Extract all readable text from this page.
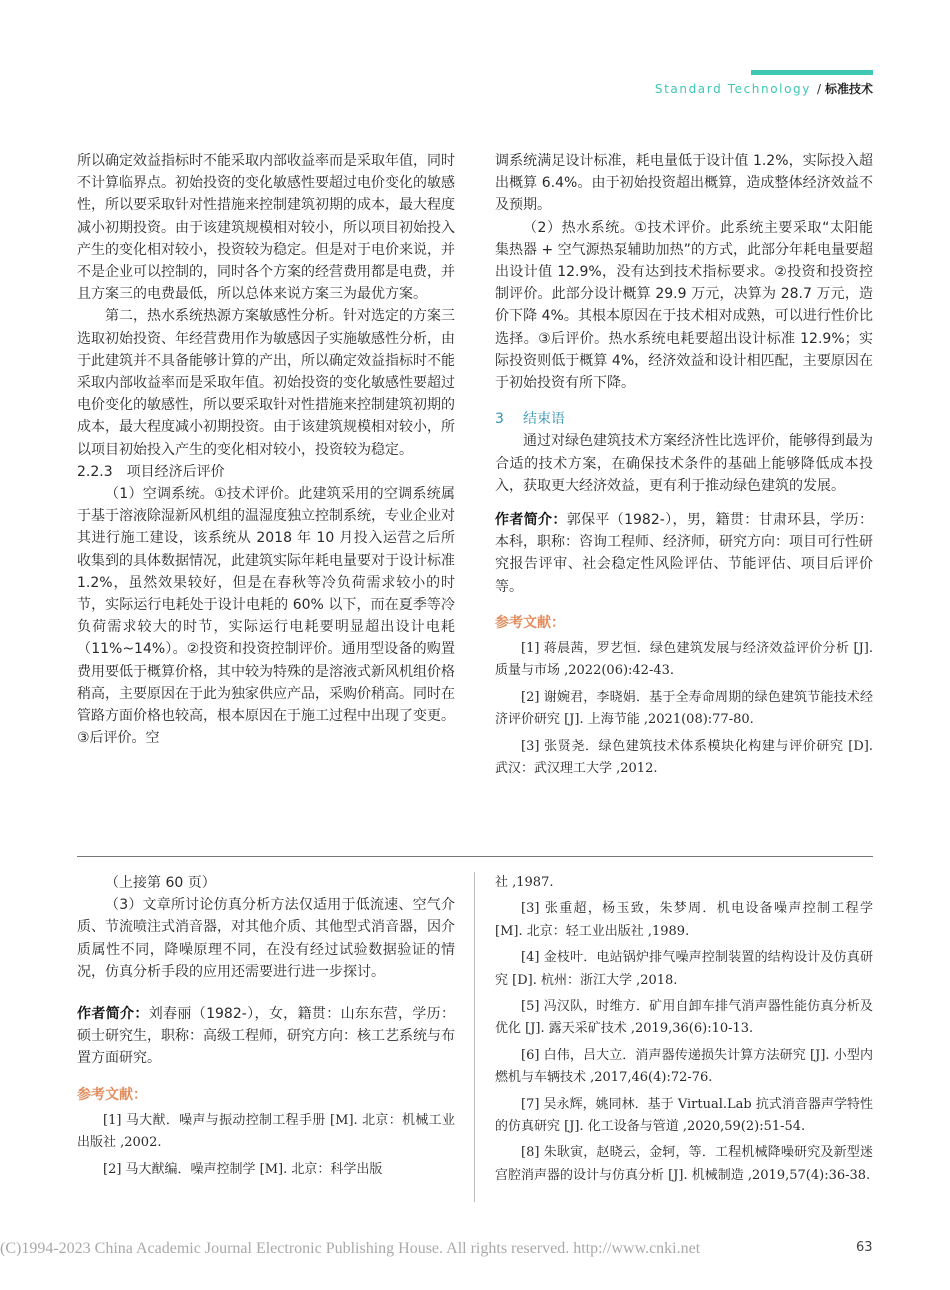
Standard Technology / 标准技术

所以确定效益指标时不能采取内部收益率而是采取年值，同时不计算临界点。初始投资的变化敏感性要超过电价变化的敏感性，所以要采取针对性措施来控制建筑初期的成本，最大程度减小初期投资。由于该建筑规模相对较小，所以项目初始投入产生的变化相对较小，投资较为稳定。但是对于电价来说，并不是企业可以控制的，同时各个方案的经营费用都是电费，并且方案三的电费最低，所以总体来说方案三为最优方案。

第二，热水系统热源方案敏感性分析。针对选定的方案三选取初始投资、年经营费用作为敏感因子实施敏感性分析，由于此建筑并不具备能够计算的产出，所以确定效益指标时不能采取内部收益率而是采取年值。初始投资的变化敏感性要超过电价变化的敏感性，所以要采取针对性措施来控制建筑初期的成本，最大程度减小初期投资。由于该建筑规模相对较小，所以项目初始投入产生的变化相对较小，投资较为稳定。

2.2.3　项目经济后评价

（1）空调系统。①技术评价。此建筑采用的空调系统属于基于溶液除湿新风机组的温湿度独立控制系统，专业企业对其进行施工建设，该系统从 2018 年 10 月投入运营之后所收集到的具体数据情况，此建筑实际年耗电量要对于设计标准 1.2%，虽然效果较好，但是在春秋等冷负荷需求较小的时节，实际运行电耗处于设计电耗的 60% 以下，而在夏季等冷负荷需求较大的时节，实际运行电耗要明显超出设计电耗（11%~14%）。②投资和投资控制评价。通用型设备的购置费用要低于概算价格，其中较为特殊的是溶液式新风机组价格稍高，主要原因在于此为独家供应产品，采购价稍高。同时在管路方面价格也较高，根本原因在于施工过程中出现了变更。③后评价。空

调系统满足设计标准，耗电量低于设计值 1.2%，实际投入超出概算 6.4%。由于初始投资超出概算，造成整体经济效益不及预期。

（2）热水系统。①技术评价。此系统主要采取“太阳能集热器 + 空气源热泵辅助加热”的方式，此部分年耗电量要超出设计值 12.9%，没有达到技术指标要求。②投资和投资控制评价。此部分设计概算 29.9 万元，决算为 28.7 万元，造价下降 4%。其根本原因在于技术相对成熟，可以进行性价比选择。③后评价。热水系统电耗要超出设计标准 12.9%；实际投资则低于概算 4%，经济效益和设计相匹配，主要原因在于初始投资有所下降。

3 结束语

通过对绿色建筑技术方案经济性比选评价，能够得到最为合适的技术方案，在确保技术条件的基础上能够降低成本投入，获取更大经济效益，更有利于推动绿色建筑的发展。

作者简介：郭保平（1982-），男，籍贯：甘肃环县，学历：本科，职称：咨询工程师、经济师，研究方向：项目可行性研究报告评审、社会稳定性风险评估、节能评估、项目后评价等。

参考文献：

[1] 蒋晨茜，罗艺恒．绿色建筑发展与经济效益评价分析 [J]. 质量与市场 ,2022(06):42-43.

[2] 谢婉君，李晓娟．基于全寿命周期的绿色建筑节能技术经济评价研究 [J]. 上海节能 ,2021(08):77-80.

[3] 张贤尧．绿色建筑技术体系模块化构建与评价研究 [D]. 武汉：武汉理工大学 ,2012.

（上接第 60 页）

（3）文章所讨论仿真分析方法仅适用于低流速、空气介质、节流喷注式消音器，对其他介质、其他型式消音器，因介质属性不同，降噪原理不同，在没有经过试验数据验证的情况，仿真分析手段的应用还需要进行进一步探讨。

作者简介：刘春丽（1982-），女，籍贯：山东东营，学历：硕士研究生，职称：高级工程师，研究方向：核工艺系统与布置方面研究。

参考文献：

[1] 马大猷．噪声与振动控制工程手册 [M]. 北京：机械工业出版社 ,2002.

[2] 马大猷编．噪声控制学 [M]. 北京：科学出版

社 ,1987.

[3] 张重超，杨玉致，朱梦周．机电设备噪声控制工程学 [M]. 北京：轻工业出版社 ,1989.

[4] 金枝叶．电站锅炉排气噪声控制装置的结构设计及仿真研究 [D]. 杭州：浙江大学 ,2018.

[5] 冯汉队，时维方．矿用自卸车排气消声器性能仿真分析及优化 [J]. 露天采矿技术 ,2019,36(6):10-13.

[6] 白伟，吕大立．消声器传递损失计算方法研究 [J]. 小型内燃机与车辆技术 ,2017,46(4):72-76.

[7] 吴永辉，姚同林．基于 Virtual.Lab 抗式消音器声学特性的仿真研究 [J]. 化工设备与管道 ,2020,59(2):51-54.

[8] 朱耿寅，赵晓云，金轲，等．工程机械降噪研究及新型迷宫腔消声器的设计与仿真分析 [J]. 机械制造 ,2019,57(4):36-38.

(C)1994-2023 China Academic Journal Electronic Publishing House. All rights reserved. http://www.cnki.net	63
